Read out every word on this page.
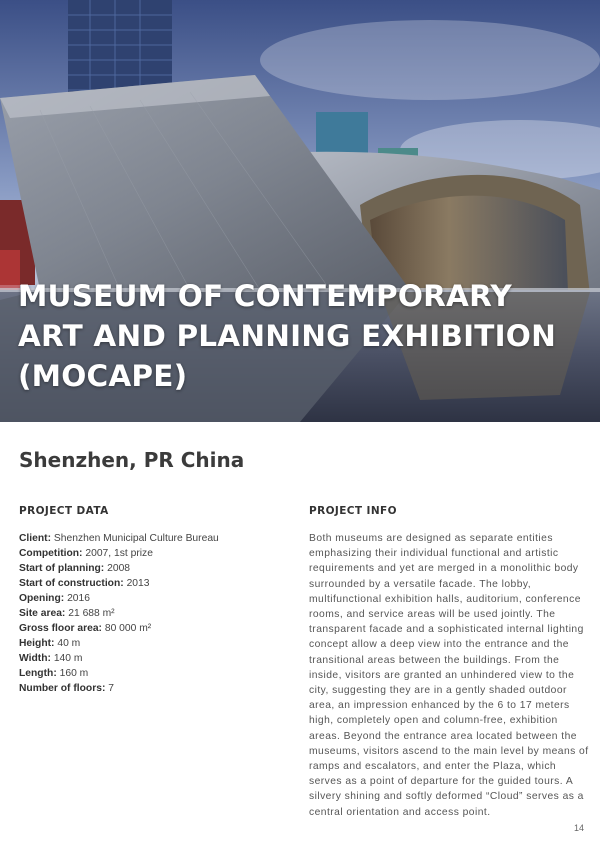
MUSEUM OF CONTEMPORARY
ART AND PLANNING EXHIBITION
(MOCAPE)
Shenzhen, PR China
PROJECT DATA
Client: Shenzhen Municipal Culture Bureau
Competition: 2007, 1st prize
Start of planning: 2008
Start of construction: 2013
Opening: 2016
Site area: 21 688 m²
Gross floor area: 80 000 m²
Height: 40 m
Width: 140 m
Length: 160 m
Number of floors: 7
PROJECT INFO

Both museums are designed as separate entities emphasizing their individual functional and artistic requirements and yet are merged in a monolithic body surrounded by a versatile facade. The lobby, multifunctional exhibition halls, auditorium, conference rooms, and service areas will be used jointly. The transparent facade and a sophisticated internal lighting concept allow a deep view into the entrance and the transitional areas between the buildings. From the inside, visitors are granted an unhindered view to the city, suggesting they are in a gently shaded outdoor area, an impression enhanced by the 6 to 17 meters high, completely open and column-free, exhibition areas. Beyond the entrance area located between the museums, visitors ascend to the main level by means of ramps and escalators, and enter the Plaza, which serves as a point of departure for the guided tours. A silvery shining and softly deformed “Cloud” serves as a central orientation and access point.

14
